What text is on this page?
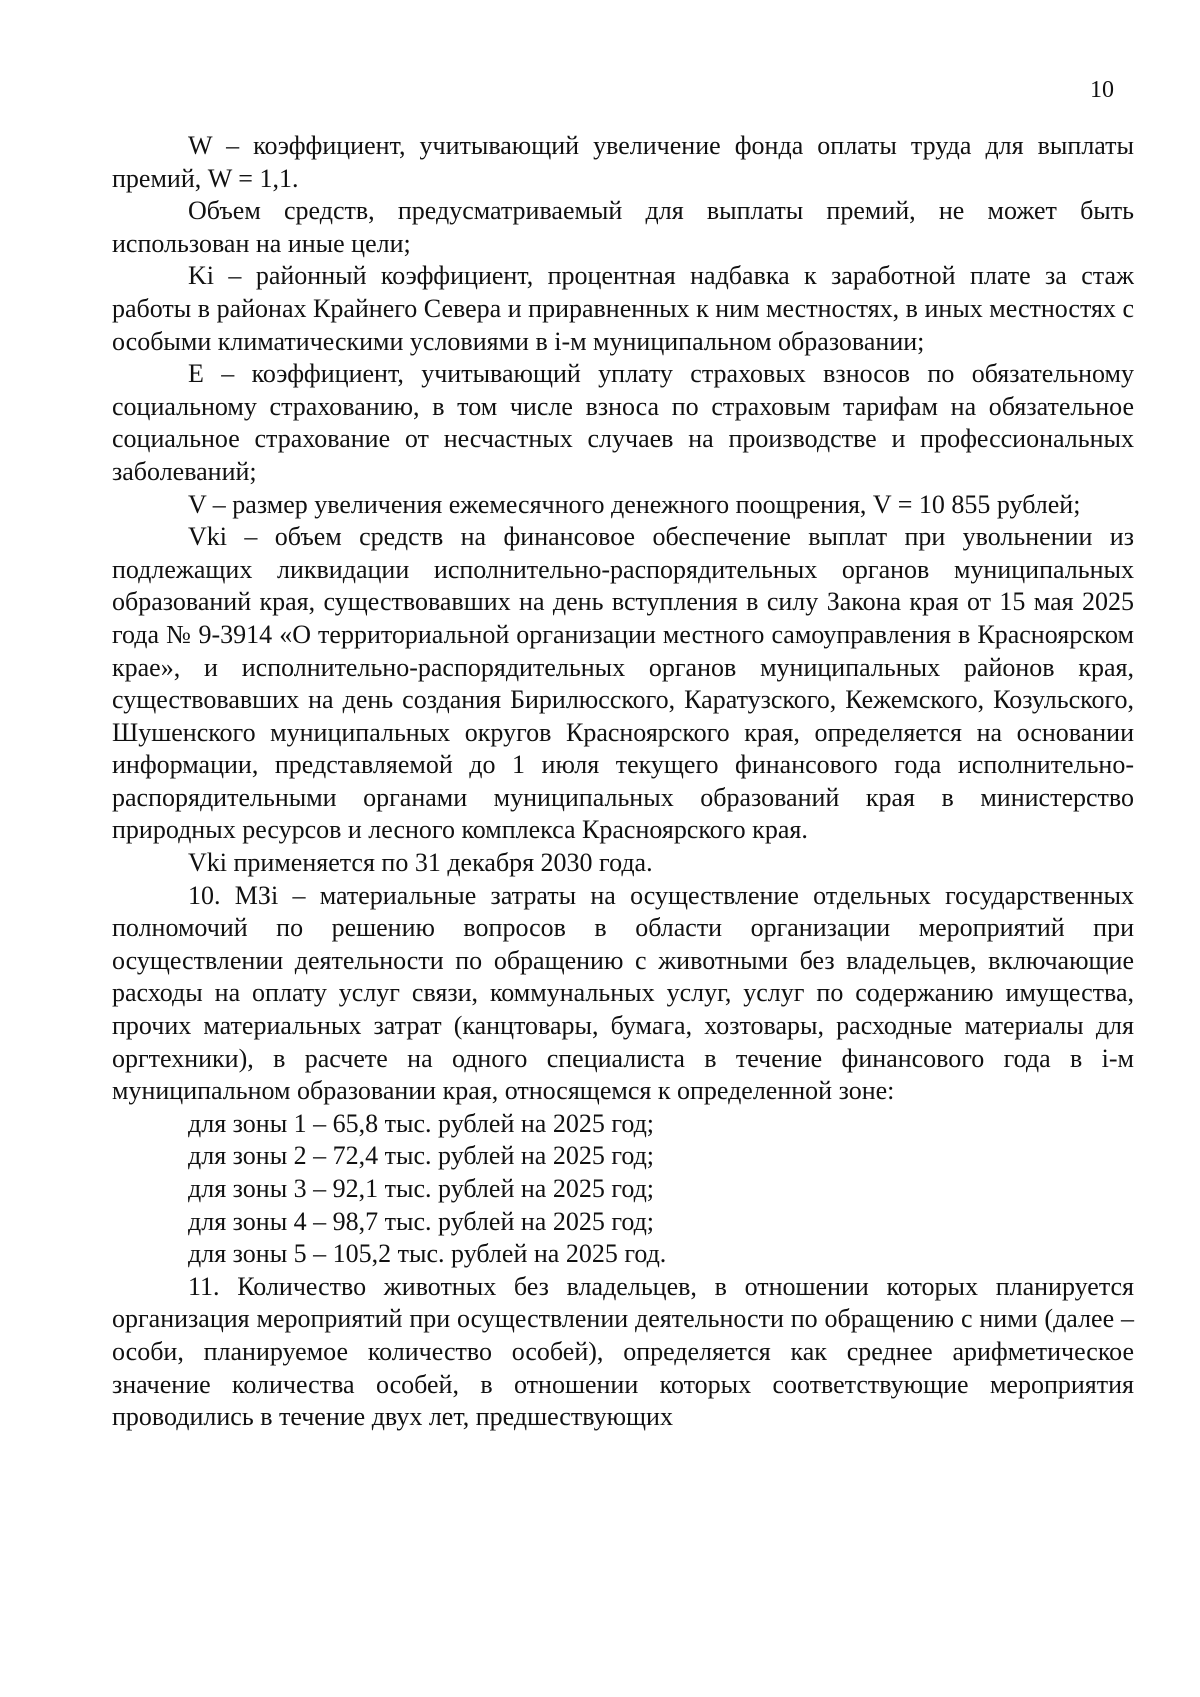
10

W – коэффициент, учитывающий увеличение фонда оплаты труда для выплаты премий, W = 1,1.

Объем средств, предусматриваемый для выплаты премий, не может быть использован на иные цели;

Ki – районный коэффициент, процентная надбавка к заработной плате за стаж работы в районах Крайнего Севера и приравненных к ним местностях, в иных местностях с особыми климатическими условиями в i-м муниципальном образовании;

E – коэффициент, учитывающий уплату страховых взносов по обязательному социальному страхованию, в том числе взноса по страховым тарифам на обязательное социальное страхование от несчастных случаев на производстве и профессиональных заболеваний;

V – размер увеличения ежемесячного денежного поощрения, V = 10 855 рублей;

Vki – объем средств на финансовое обеспечение выплат при увольнении из подлежащих ликвидации исполнительно-распорядительных органов муниципальных образований края, существовавших на день вступления в силу Закона края от 15 мая 2025 года № 9-3914 «О территориальной организации местного самоуправления в Красноярском крае», и исполнительно-распорядительных органов муниципальных районов края, существовавших на день создания Бирилюсского, Каратузского, Кежемского, Козульского, Шушенского муниципальных округов Красноярского края, определяется на основании информации, представляемой до 1 июля текущего финансового года исполнительно-распорядительными органами муниципальных образований края в министерство природных ресурсов и лесного комплекса Красноярского края.

Vki применяется по 31 декабря 2030 года.

10. МЗi – материальные затраты на осуществление отдельных государственных полномочий по решению вопросов в области организации мероприятий при осуществлении деятельности по обращению с животными без владельцев, включающие расходы на оплату услуг связи, коммунальных услуг, услуг по содержанию имущества, прочих материальных затрат (канцтовары, бумага, хозтовары, расходные материалы для оргтехники), в расчете на одного специалиста в течение финансового года в i-м муниципальном образовании края, относящемся к определенной зоне:

для зоны 1 – 65,8 тыс. рублей на 2025 год;

для зоны 2 – 72,4 тыс. рублей на 2025 год;

для зоны 3 – 92,1 тыс. рублей на 2025 год;

для зоны 4 – 98,7 тыс. рублей на 2025 год;

для зоны 5 – 105,2 тыс. рублей на 2025 год.

11. Количество животных без владельцев, в отношении которых планируется организация мероприятий при осуществлении деятельности по обращению с ними (далее – особи, планируемое количество особей), определяется как среднее арифметическое значение количества особей, в отношении которых соответствующие мероприятия проводились в течение двух лет, предшествующих
